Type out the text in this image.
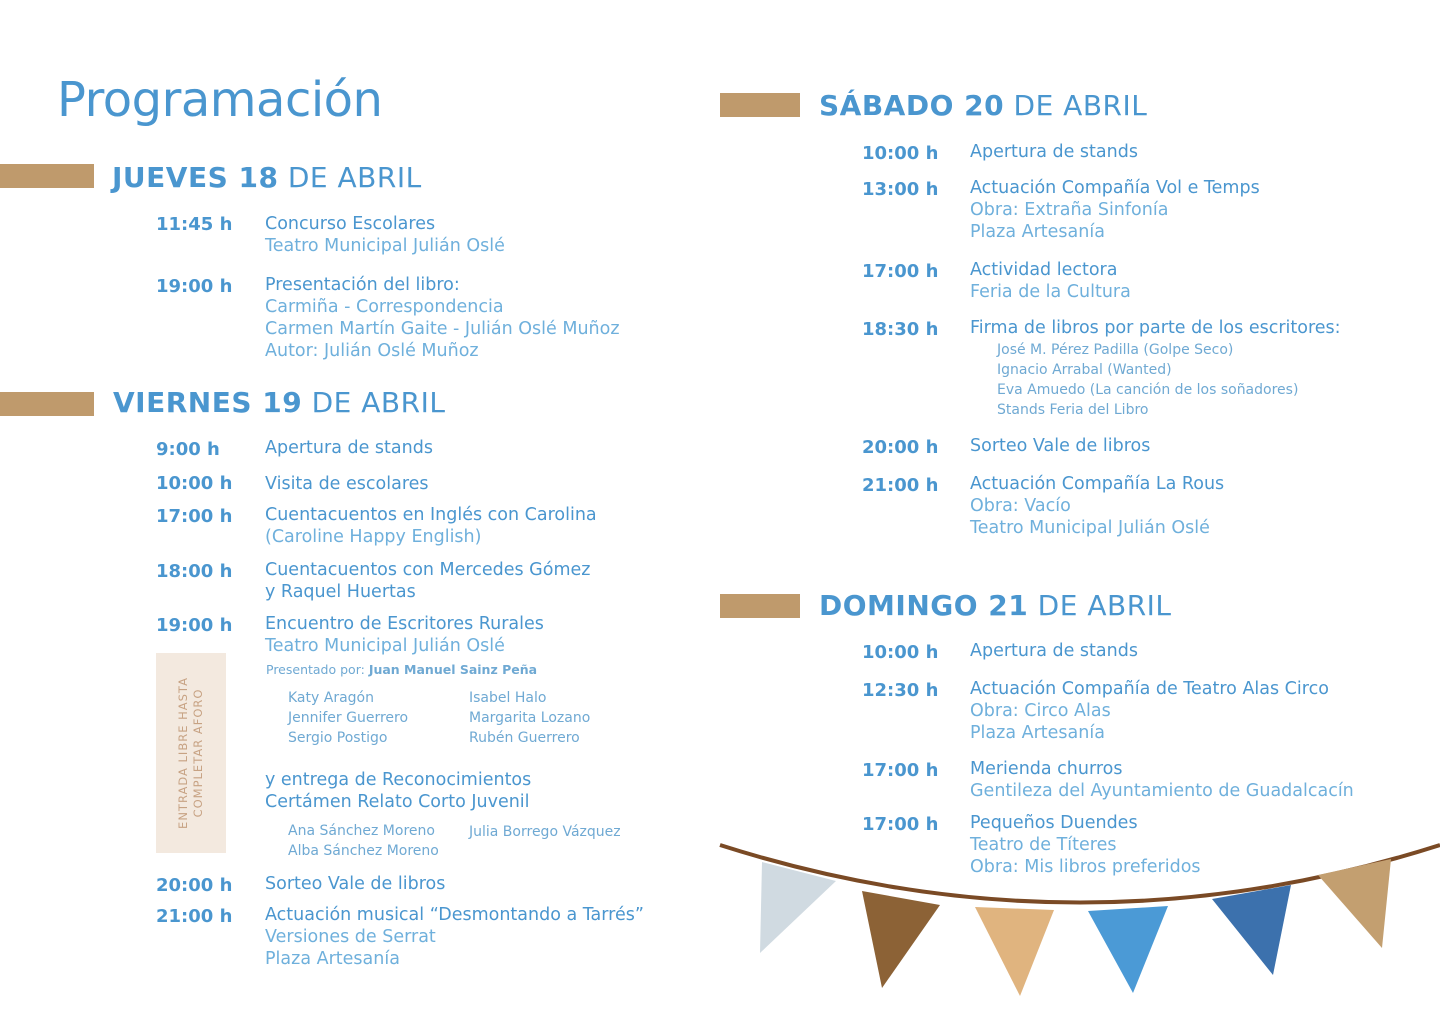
Programación
JUEVES 18 DE ABRIL
11:45 h Concurso Escolares
Teatro Municipal Julián Oslé
19:00 h Presentación del libro:
Carmiña - Correspondencia
Carmen Martín Gaite - Julián Oslé Muñoz
Autor: Julián Oslé Muñoz
VIERNES 19 DE ABRIL
9:00 h	Apertura de stands
10:00 h Visita de escolares
17:00 h Cuentacuentos en Inglés con Carolina
(Caroline Happy English)
18:00 h Cuentacuentos con Mercedes Gómez
y Raquel Huertas
19:00 h Encuentro de Escritores Rurales
Teatro Municipal Julián Oslé
ENTRADA LIBRE HASTA COMPLETAR AFORO
Presentado por: Juan Manuel Sainz Peña
Katy Aragón
Jennifer Guerrero
Sergio Postigo
Isabel Halo
Margarita Lozano
Rubén Guerrero
y entrega de Reconocimientos
Certámen Relato Corto Juvenil
Ana Sánchez Moreno
Alba Sánchez Moreno
Julia Borrego Vázquez
20:00 h Sorteo Vale de libros
21:00 h Actuación musical “Desmontando a Tarrés”
Versiones de Serrat
Plaza Artesanía
SÁBADO 20 DE ABRIL
10:00 h Apertura de stands
13:00 h Actuación Compañía Vol e Temps
Obra: Extraña Sinfonía
Plaza Artesanía
17:00 h Actividad lectora
Feria de la Cultura
18:30 h Firma de libros por parte de los escritores:
José M. Pérez Padilla (Golpe Seco)
Ignacio Arrabal (Wanted)
Eva Amuedo (La canción de los soñadores)
Stands Feria del Libro
20:00 h Sorteo Vale de libros
21:00 h Actuación Compañía La Rous
Obra: Vacío
Teatro Municipal Julián Oslé
DOMINGO 21 DE ABRIL
10:00 h Apertura de stands
12:30 h Actuación Compañía de Teatro Alas Circo
Obra: Circo Alas
Plaza Artesanía
17:00 h Merienda churros
Gentileza del Ayuntamiento de Guadalcacín
17:00 h Pequeños Duendes
Teatro de Títeres
Obra: Mis libros preferidos
